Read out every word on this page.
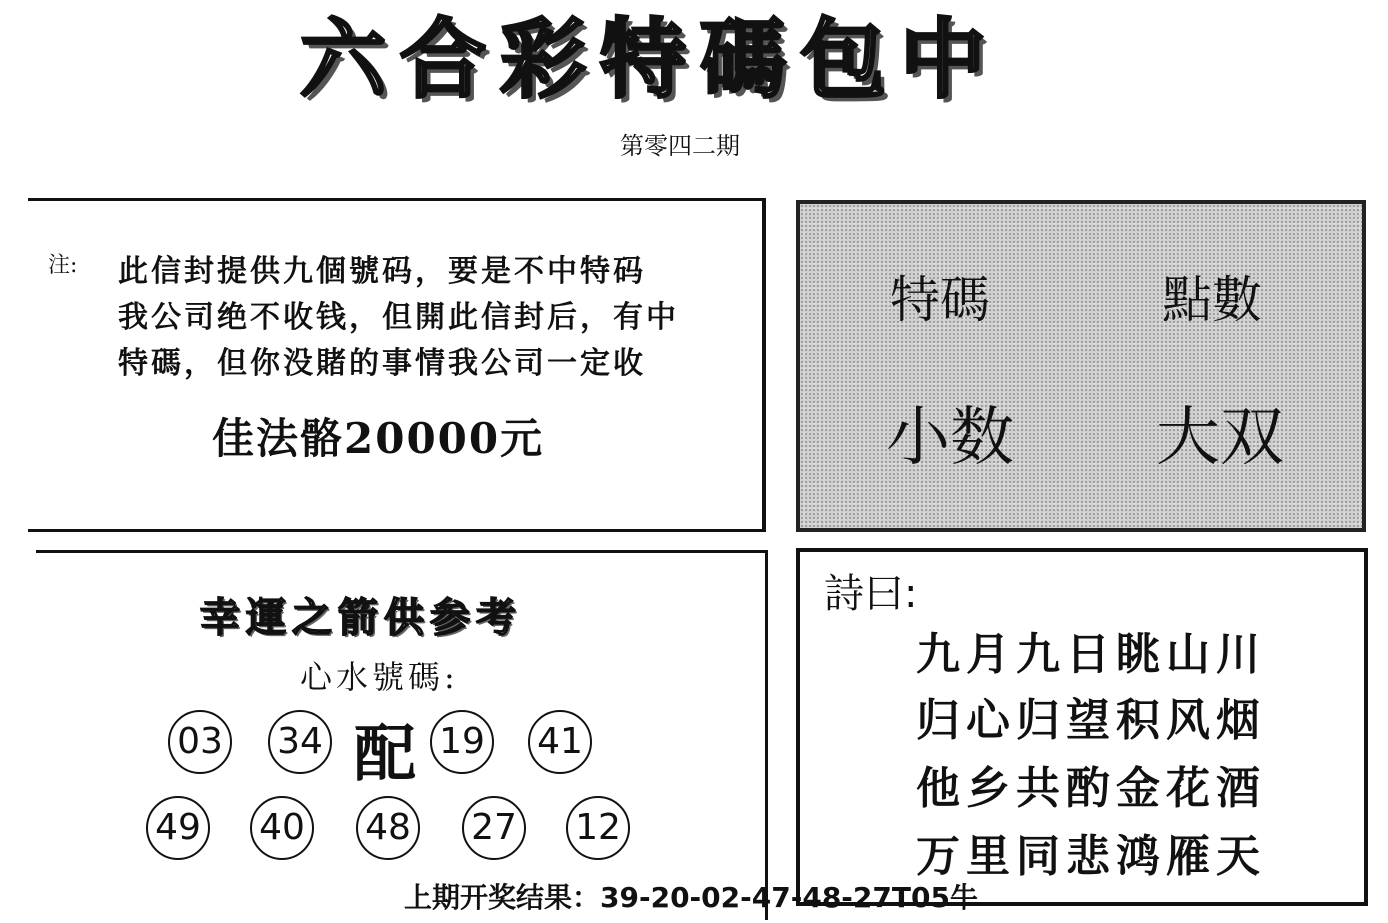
六合彩特碼包中
第零四二期
注: 此信封提供九個號码，要是不中特码
我公司绝不收钱，但開此信封后，有中
特碼，但你没賭的事情我公司一定收
佳法骼20000元
特碼	點數
小数 大双
幸運之箭供参考
心水號碼:
配
03 34	19 41
49 40 48 27 12
詩曰:
九月九日眺山川
归心归望积风烟
他乡共酌金花酒
万里同悲鸿雁天
上期开奖结果：39-20-02-47-48-27T05牛
